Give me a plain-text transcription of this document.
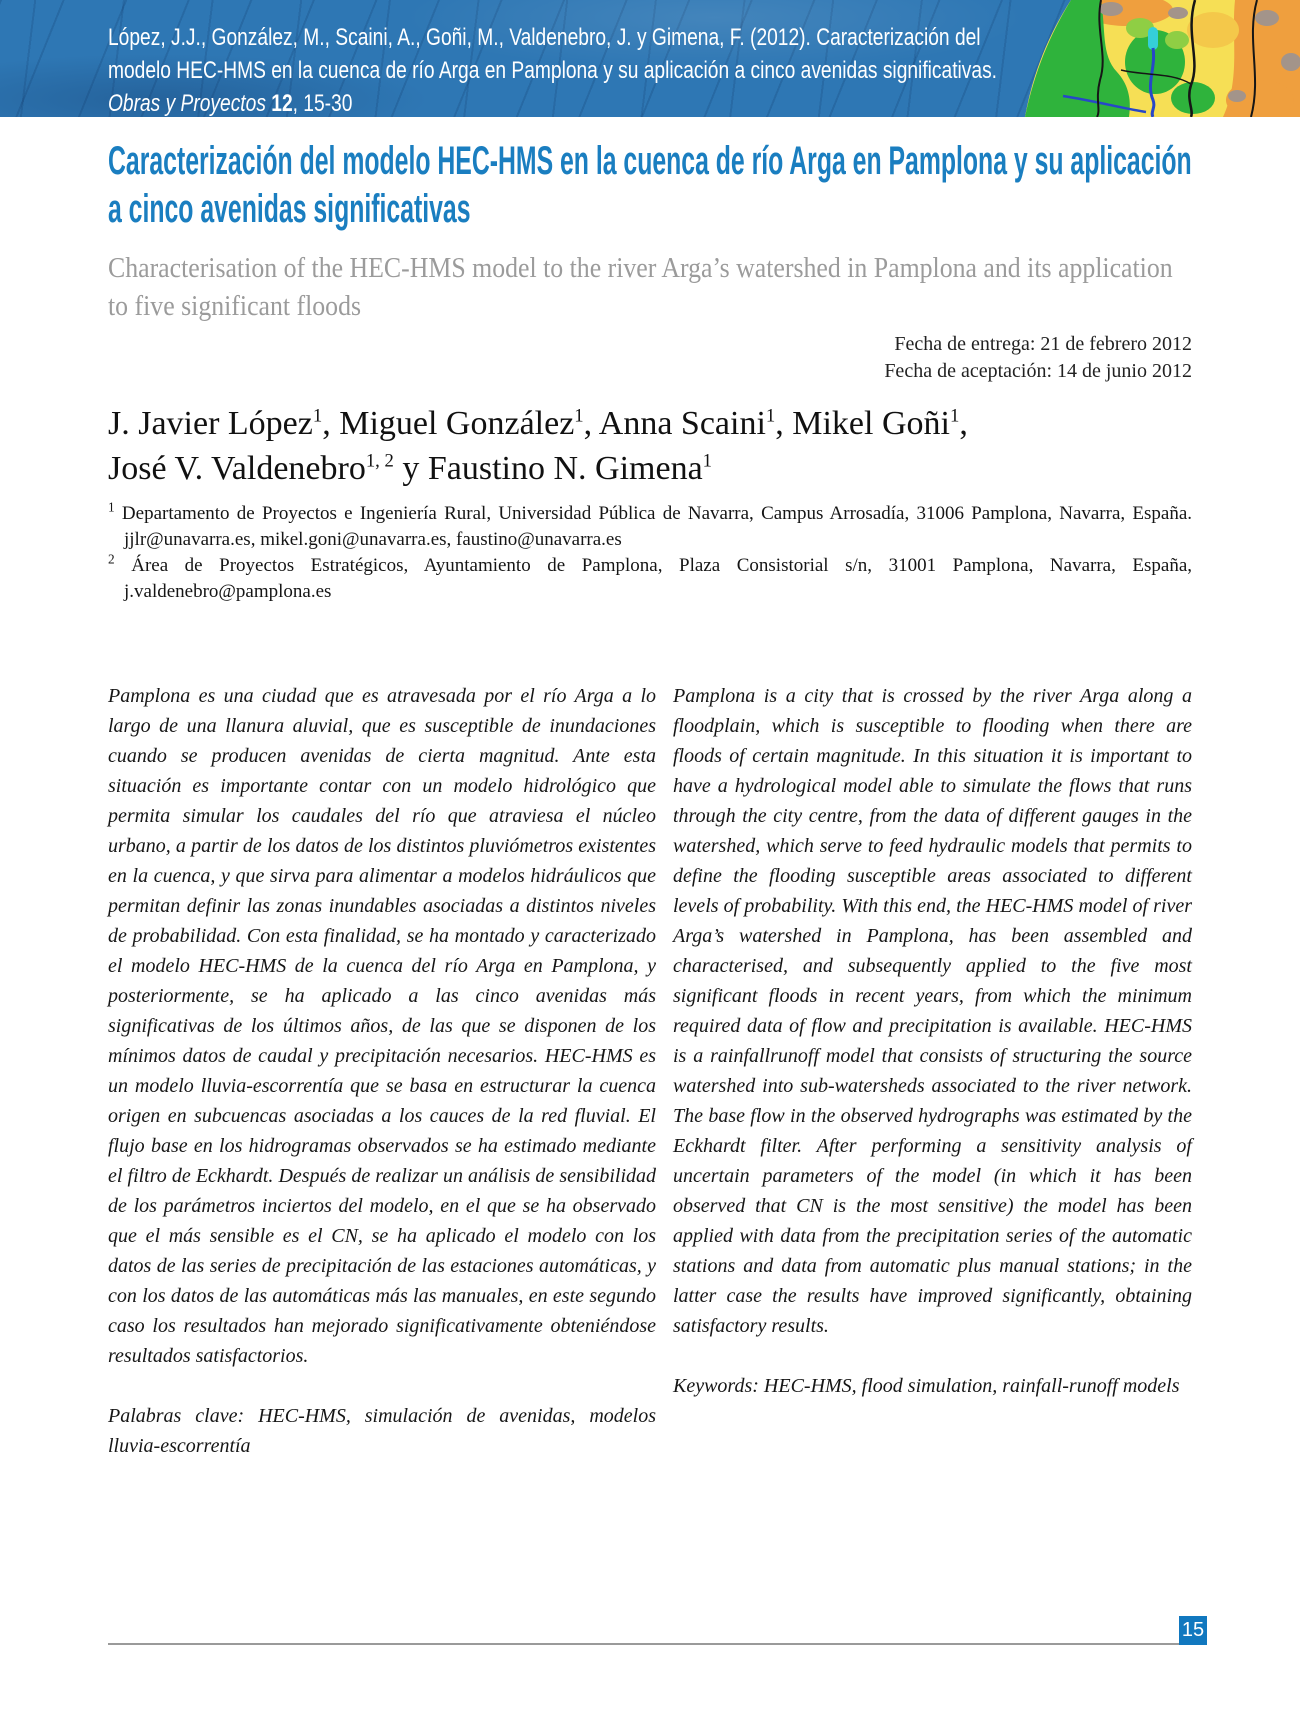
López, J.J., González, M., Scaini, A., Goñi, M., Valdenebro, J. y Gimena, F. (2012). Caracterización del modelo HEC-HMS en la cuenca de río Arga en Pamplona y su aplicación a cinco avenidas significativas. Obras y Proyectos 12, 15-30
Caracterización del modelo HEC-HMS en la cuenca de río Arga en Pamplona y su aplicación a cinco avenidas significativas
Characterisation of the HEC-HMS model to the river Arga’s watershed in Pamplona and its application to five significant floods
Fecha de entrega: 21 de febrero 2012
Fecha de aceptación: 14 de junio 2012
J. Javier López$^1$, Miguel González$^1$, Anna Scaini$^1$, Mikel Goñi$^1$,
José V. Valdenebro$^{1, 2}$ y Faustino N. Gimena$^1$

$^1$ Departamento de Proyectos e Ingeniería Rural, Universidad Pública de Navarra, Campus Arrosadía, 31006 Pamplona, Navarra, España. jjlr@unavarra.es, mikel.goni@unavarra.es, faustino@unavarra.es

$^2$ Área de Proyectos Estratégicos, Ayuntamiento de Pamplona, Plaza Consistorial s/n, 31001 Pamplona, Navarra, España, j.valdenebro@pamplona.es

Pamplona es una ciudad que es atravesada por el río Arga a lo largo de una llanura aluvial, que es susceptible de inundaciones cuando se producen avenidas de cierta magnitud. Ante esta situación es importante contar con un modelo hidrológico que permita simular los caudales del río que atraviesa el núcleo urbano, a partir de los datos de los distintos pluviómetros existentes en la cuenca, y que sirva para alimentar a modelos hidráulicos que permitan definir las zonas inundables asociadas a distintos niveles de probabilidad. Con esta finalidad, se ha montado y caracterizado el modelo HEC-HMS de la cuenca del río Arga en Pamplona, y posteriormente, se ha aplicado a las cinco avenidas más significativas de los últimos años, de las que se disponen de los mínimos datos de caudal y precipitación necesarios. HEC-HMS es un modelo lluvia-escorrentía que se basa en estructurar la cuenca origen en subcuencas asociadas a los cauces de la red fluvial. El flujo base en los hidrogramas observados se ha estimado mediante el filtro de Eckhardt. Después de realizar un análisis de sensibilidad de los parámetros inciertos del modelo, en el que se ha observado que el más sensible es el CN, se ha aplicado el modelo con los datos de las series de precipitación de las estaciones automáticas, y con los datos de las automáticas más las manuales, en este segundo caso los resultados han mejorado significativamente obteniéndose resultados satisfactorios.

Palabras clave: HEC-HMS, simulación de avenidas, modelos lluvia-escorrentía

Pamplona is a city that is crossed by the river Arga along a floodplain, which is susceptible to flooding when there are floods of certain magnitude. In this situation it is important to have a hydrological model able to simulate the flows that runs through the city centre, from the data of different gauges in the watershed, which serve to feed hydraulic models that permits to define the flooding susceptible areas associated to different levels of probability. With this end, the HEC-HMS model of river Arga’s watershed in Pamplona, has been assembled and characterised, and subsequently applied to the five most significant floods in recent years, from which the minimum required data of flow and precipitation is available. HEC-HMS is a rainfallrunoff model that consists of structuring the source watershed into sub-watersheds associated to the river network. The base flow in the observed hydrographs was estimated by the Eckhardt filter. After performing a sensitivity analysis of uncertain parameters of the model (in which it has been observed that CN is the most sensitive) the model has been applied with data from the precipitation series of the automatic stations and data from automatic plus manual stations; in the latter case the results have improved significantly, obtaining satisfactory results.

Keywords: HEC-HMS, flood simulation, rainfall-runoff models

15
